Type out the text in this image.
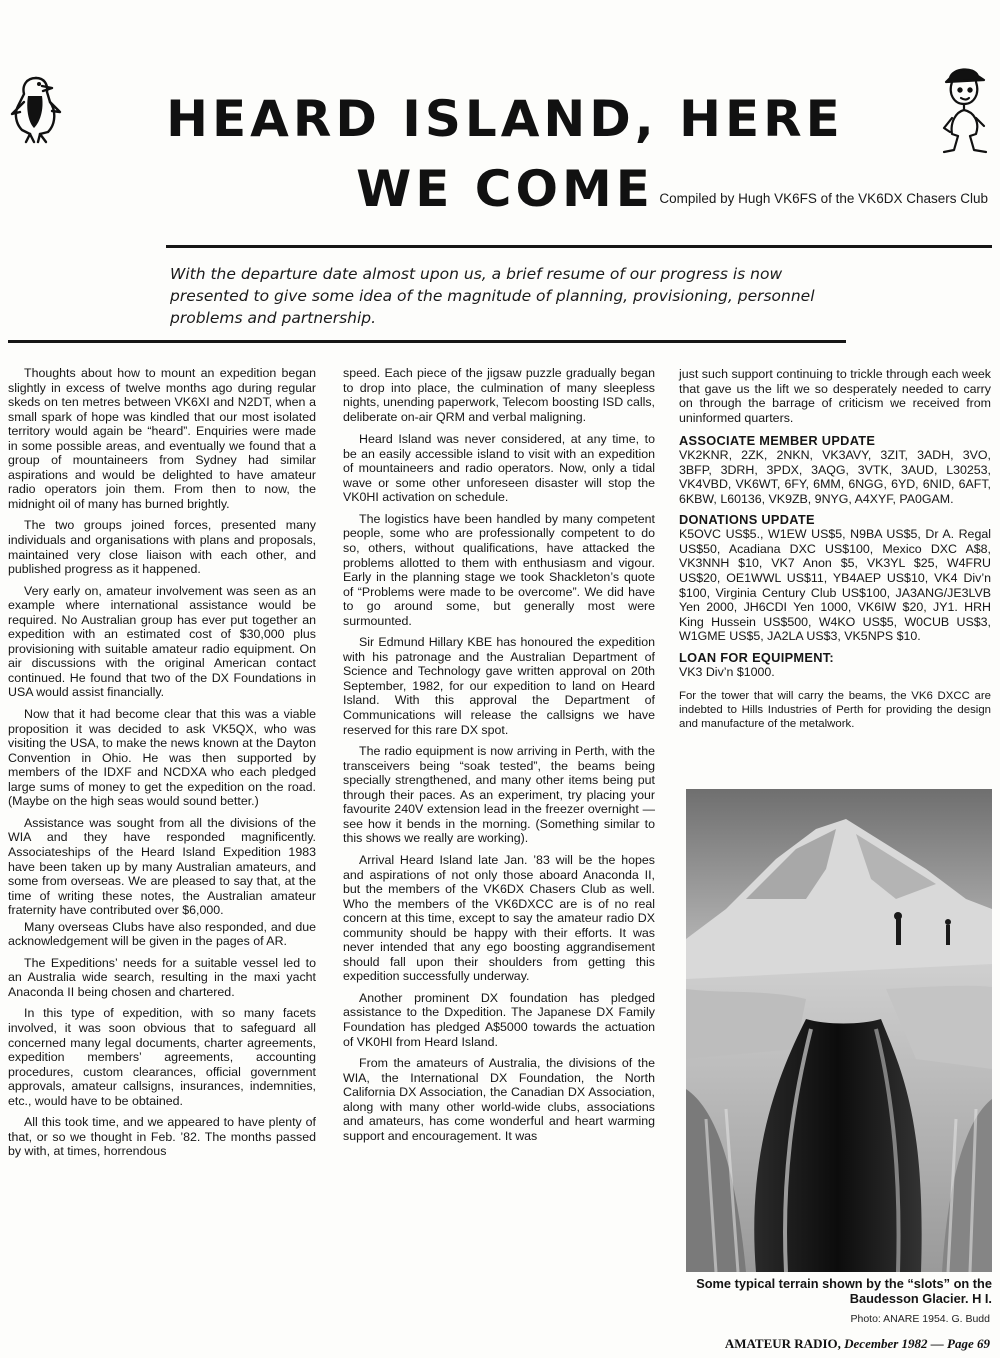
HEARD ISLAND, HERE WE COME Compiled by Hugh VK6FS of the VK6DX Chasers Club

With the departure date almost upon us, a brief resume of our progress is now presented to give some idea of the magnitude of planning, provisioning, personnel problems and partnership.

Thoughts about how to mount an expedition began slightly in excess of twelve months ago during regular skeds on ten metres between VK6XI and N2DT, when a small spark of hope was kindled that our most isolated territory would again be “heard”. Enquiries were made in some possible areas, and eventually we found that a group of mountaineers from Sydney had similar aspirations and would be delighted to have amateur radio operators join them. From then to now, the midnight oil of many has burned brightly.

The two groups joined forces, presented many individuals and organisations with plans and proposals, maintained very close liaison with each other, and published progress as it happened.

Very early on, amateur involvement was seen as an example where international assistance would be required. No Australian group has ever put together an expedition with an estimated cost of $30,000 plus provisioning with suitable amateur radio equipment. On air discussions with the original American contact continued. He found that two of the DX Foundations in USA would assist financially.

Now that it had become clear that this was a viable proposition it was decided to ask VK5QX, who was visiting the USA, to make the news known at the Dayton Convention in Ohio. He was then supported by members of the IDXF and NCDXA who each pledged large sums of money to get the expedition on the road. (Maybe on the high seas would sound better.)

Assistance was sought from all the divisions of the WIA and they have responded magnificently. Associateships of the Heard Island Expedition 1983 have been taken up by many Australian amateurs, and some from overseas. We are pleased to say that, at the time of writing these notes, the Australian amateur fraternity have contributed over $6,000.

Many overseas Clubs have also responded, and due acknowledgement will be given in the pages of AR.

The Expeditions’ needs for a suitable vessel led to an Australia wide search, resulting in the maxi yacht Anaconda II being chosen and chartered.

In this type of expedition, with so many facets involved, it was soon obvious that to safeguard all concerned many legal documents, charter agreements, expedition members’ agreements, accounting procedures, custom clearances, official government approvals, amateur callsigns, insurances, indemnities, etc., would have to be obtained.

All this took time, and we appeared to have plenty of that, or so we thought in Feb. ’82. The months passed by with, at times, horrendous

speed. Each piece of the jigsaw puzzle gradually began to drop into place, the culmination of many sleepless nights, unending paperwork, Telecom boosting ISD calls, deliberate on-air QRM and verbal maligning.

Heard Island was never considered, at any time, to be an easily accessible island to visit with an expedition of mountaineers and radio operators. Now, only a tidal wave or some other unforeseen disaster will stop the VK0HI activation on schedule.

The logistics have been handled by many competent people, some who are professionally competent to do so, others, without qualifications, have attacked the problems allotted to them with enthusiasm and vigour. Early in the planning stage we took Shackleton’s quote of “Problems were made to be overcome”. We did have to go around some, but generally most were surmounted.

Sir Edmund Hillary KBE has honoured the expedition with his patronage and the Australian Department of Science and Technology gave written approval on 20th September, 1982, for our expedition to land on Heard Island. With this approval the Department of Communications will release the callsigns we have reserved for this rare DX spot.

The radio equipment is now arriving in Perth, with the transceivers being “soak tested”, the beams being specially strengthened, and many other items being put through their paces. As an experiment, try placing your favourite 240V extension lead in the freezer overnight — see how it bends in the morning. (Something similar to this shows we really are working).

Arrival Heard Island late Jan. ’83 will be the hopes and aspirations of not only those aboard Anaconda II, but the members of the VK6DX Chasers Club as well. Who the members of the VK6DXCC are is of no real concern at this time, except to say the amateur radio DX community should be happy with their efforts. It was never intended that any ego boosting aggrandisement should fall upon their shoulders from getting this expedition successfully underway.

Another prominent DX foundation has pledged assistance to the Dxpedition. The Japanese DX Family Foundation has pledged A$5000 towards the actuation of VK0HI from Heard Island.

From the amateurs of Australia, the divisions of the WIA, the International DX Foundation, the North California DX Association, the Canadian DX Association, along with many other world-wide clubs, associations and amateurs, has come wonderful and heart warming support and encouragement. It was

just such support continuing to trickle through each week that gave us the lift we so desperately needed to carry on through the barrage of criticism we received from uninformed quarters.

ASSOCIATE MEMBER UPDATE

VK2KNR, 2ZK, 2NKN, VK3AVY, 3ZIT, 3ADH, 3VO, 3BFP, 3DRH, 3PDX, 3AQG, 3VTK, 3AUD, L30253, VK4VBD, VK6WT, 6FY, 6MM, 6NGG, 6YD, 6NID, 6AFT, 6KBW, L60136, VK9ZB, 9NYG, A4XYF, PA0GAM.

DONATIONS UPDATE

K5OVC US$5., W1EW US$5, N9BA US$5, Dr A. Regal US$50, Acadiana DXC US$100, Mexico DXC A$8, VK3NNH $10, VK7 Anon $5, VK3YL $25, W4FRU US$20, OE1WWL US$11, YB4AEP US$10, VK4 Div’n $100, Virginia Century Club US$100, JA3ANG/JE3LVB Yen 2000, JH6CDI Yen 1000, VK6IW $20, JY1. HRH King Hussein US$500, W4KO US$5, W0CUB US$3, W1GME US$5, JA2LA US$3, VK5NPS $10.

LOAN FOR EQUIPMENT:

VK3 Div’n $1000.

For the tower that will carry the beams, the VK6 DXCC are indebted to Hills Industries of Perth for providing the design and manufacture of the metalwork.

Some typical terrain shown by the “slots” on the Baudesson Glacier. H I.
Photo: ANARE 1954. G. Budd
AMATEUR RADIO, December 1982 — Page 69
